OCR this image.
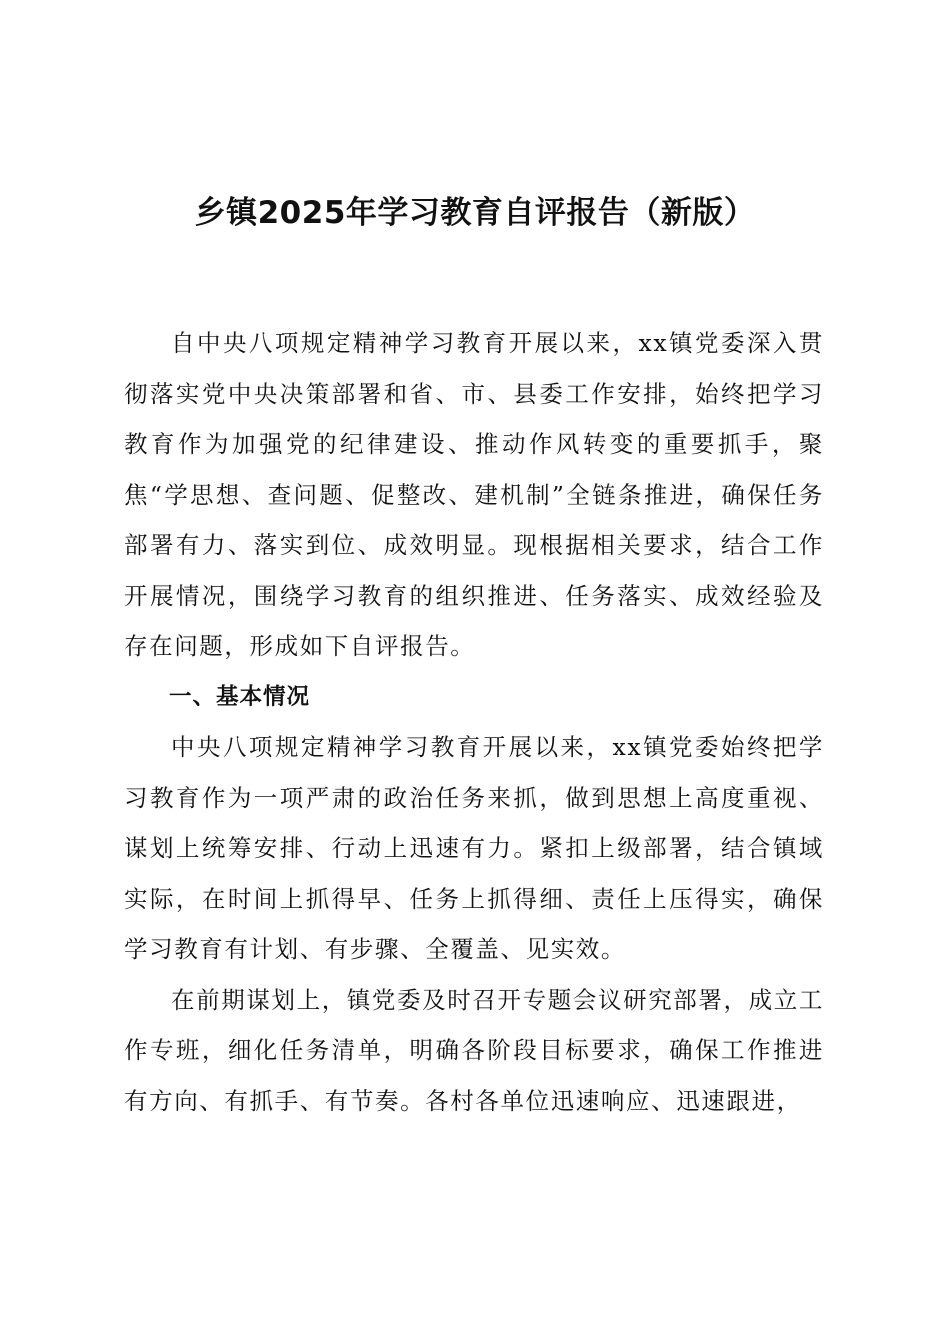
乡镇2025年学习教育自评报告（新版）

自中央八项规定精神学习教育开展以来，xx镇党委深入贯彻落实党中央决策部署和省、市、县委工作安排，始终把学习教育作为加强党的纪律建设、推动作风转变的重要抓手，聚焦“学思想、查问题、促整改、建机制”全链条推进，确保任务部署有力、落实到位、成效明显。现根据相关要求，结合工作开展情况，围绕学习教育的组织推进、任务落实、成效经验及存在问题，形成如下自评报告。

一、基本情况

中央八项规定精神学习教育开展以来，xx镇党委始终把学习教育作为一项严肃的政治任务来抓，做到思想上高度重视、谋划上统筹安排、行动上迅速有力。紧扣上级部署，结合镇域实际，在时间上抓得早、任务上抓得细、责任上压得实，确保学习教育有计划、有步骤、全覆盖、见实效。

在前期谋划上，镇党委及时召开专题会议研究部署，成立工作专班，细化任务清单，明确各阶段目标要求，确保工作推进有方向、有抓手、有节奏。各村各单位迅速响应、迅速跟进，
